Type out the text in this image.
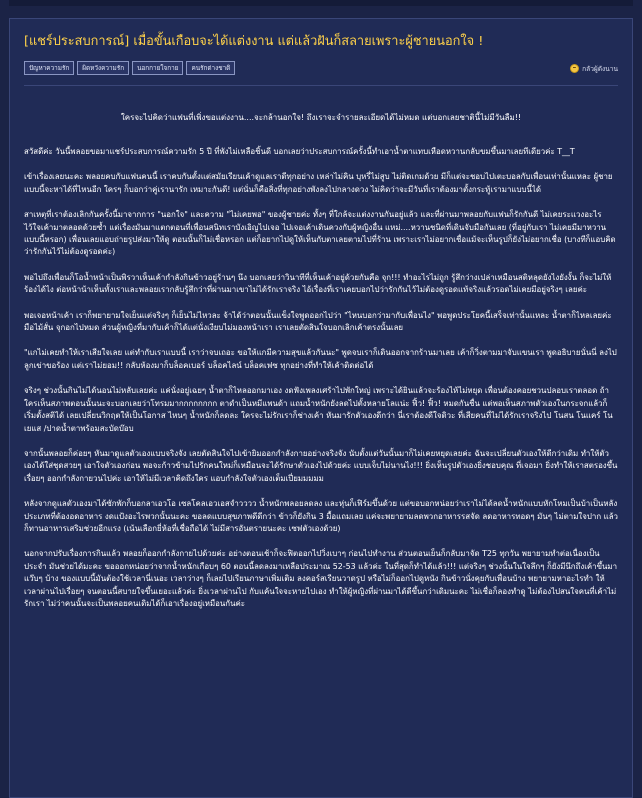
[แชร์ประสบการณ์] เมื่อขั้นเกือบจะได้แต่งงาน แต่แล้วฝันก็สลายเพราะผู้ชายนอกใจ !
ปัญหาความรัก	ผิดหวังความรัก	นอกกายใจกาย	คนรักต่างชาติ	กลัวผู้ดังนาน
ใครจะไปคิดว่าแฟนที่เพิ่งขอแต่งงาน....จะกล้านอกใจ! ถึงเราจะจำรายละเอียดได้ไม่หมด แต่บอกเลยชาตินี้ไม่มีวันลืม!!

สวัสดีค่ะ วันนี้พลอยขอมาแชร์ประสบการณ์ความรัก 5 ปี ที่พังไม่เหลือชิ้นดี บอกเลยว่าประสบการณ์ครั้งนี้ทำเอาน้ำตาแทบเหือดหวานกลับขมขึ้นมาเลยทีเดียวค่ะ T__T

เข้าเรื่องเลยนะคะ พลอยคบกับแฟนคนนี้ เราคบกันตั้งแต่สมัยเรียนเค้าดูแลเราดีทุกอย่าง เหล่าไม่คิน บุหรี่ไม่สูบ ไม่ติดเกมด้วย มีก็แต่จะชอบไปเตะบอลกับเพื่อนเท่านั้นแหละ ผู้ชายแบบนี้จะหาได้ที่ไหนอีก ใครๆ ก็บอกว่าคู่เรานารัก เหมาะกันดี! แต่นั่นก็คือสิ่งที่ทุกอย่างพังลงไปกลางดวง ไม่คิดว่าจะมีวันที่เราต้องมาตั้งกระทู้เรามาแบบนี้ได้

สาเหตุที่เราต้องเลิกกันครั้งนี้มาจากการ "นอกใจ" และความ "ไม่เคยพอ" ของผู้ชายค่ะ ทั้งๆ ที่ใกล้จะแต่งงานกันอยู่แล้ว และที่ผ่านมาพลอยกับแฟนก็รักกันดี ไม่เคยระแวงอะไร ไว้ใจเค้ามาตลอดด้วยซ้ำ แต่เรื่องมันมาแตกตอนที่เพื่อนสนิทเราบังเอิญไปเจอ ไปเจอเค้าเดินควงกับผู้หญิงอื่น แหม่....หวานชนิดที่เดินจับมือกันเลย (ที่อยู่กับเรา ไม่เคยมีมาหวานแบบนี้หรอก) เพื่อนเลยแอบถ่ายรูปส่งมาให้ดู ตอนนั้นก็ไม่เชื่อหรอก แต่ก็อยากไปดูให้เห็นกับตาเลยตามไปที่ร้าน เพราะเราไม่อยากเชื่อแม้จะเห็นรูปก็ยังไม่อยากเชื่อ (บางทีก็แอบคิดว่ารักกันไว้ไม่ต้องดูรอดค่ะ)

พอไปถึงเพื่อนก็โอน้ำหน้าเป็นพิรวาเห็นเค้ากำลังกินข้าวอยู่ร้านๆ นึง บอกเลยว่าวินาทีที่เห็นเค้าอยู่ด้วยกันคือ จุก!!! ทำอะไรไม่ถูก รู้สึกว่างเปล่าเหมือนสติหลุดยังไงยังงั้น ก็จะไม่ให้ร้องได้ไง ต่อหน้าน้าเห็นทั้งเราและพลอยเรากลับรู้สึกว่าที่ผ่านมาเขาไม่ได้รักเราจริง ไอ้เรื่องที่เราเคยบอกไปว่ารักกันไว้ไม่ต้องดูรอดแท้จริงแล้วรอดไม่เคยมีอยู่จริงๆ เลยค่ะ

พอเจอหน้าเค้า เราก็พยายามใจเย็นแต่จริงๆ ก็เย็นไม่ไหวละ จ้าได้ว่าตอนนั้นแข็งใจพูดออกไปว่า "ไหนบอกว่ามากับเพื่อนไง" พอพูดประโยคนี้เสร็จเท่านั้นแหละ น้ำตาก็ไหลเลยค่ะ มือไม้สั่น จุกอกไปหมด ส่วนผู้หญิงที่มากับเค้าก็ได้แต่นั่งเงียบไม่มองหน้าเรา เราเลยตัดสินใจบอกเลิกเค้าตรงนั้นเลย

"แกไม่เคยทำให้เราเสียใจเลย แต่ทำกับเราแบบนี้ เราว่าจบเถอะ ขอให้แกมีความสุขแล้วกันนะ" พูดจบเราก็เดินออกจากร้านมาเลย เค้าก็วิ่งตามมาจับแขนเรา พูดอธิบายนั่นนี่ ลงไปลูกเข่าขอร้อง แต่เราไม่ยอม!! กลับห้องมาก็บล็อคเบอร์ บล็อคไลน์ บล็อคเฟซ ทุกอย่างที่ทำให้เค้าติดต่อได้

จริงๆ ช่วงนั้นกินไม่ได้นอนไม่หลับเลยค่ะ แค่นั่งอยู่เฉยๆ น้ำตาก็ไหลออกมาเอง งดฟังเพลงเศร้าไปพักใหญ่ เพราะได้ยินแล้วจะร้องไห้ไม่หยุด เพื่อนต้องคอยชวนปลอบเราตลอด ถ้าใครเห็นสภาพตอนนั้นนะจะบอกเลยว่าโทรมมากกกกกกกก ตาดำเป็นหมีแพนด้า แถมน้ำหนักยังลดไปตั้งหลายโลแน่ะ ฟิ้ว! ฟิ้ว! หมดกันชื่น แต่พอเห็นสภาพตัวเองในกระจกแล้วก็เริ่มตั้งสติได้ เลยเปลี่ยนวิกฤตให้เป็นโอกาส ไหนๆ น้ำหนักก็ลดละ ใครจะไม่รักเราก็ช่างเค้า หันมารักตัวเองดีกว่า นี่เราต้องดีใจดิวะ ที่เสียคนที่ไม่ได้รักเราจริงไป โนสน โนแคร์ โนเยแส /ปาดน้ำตาพร้อมสะบัดบ๊อบ

จากนั้นพลอยก็ค่อยๆ หันมาดูแลตัวเองแบบจริงจัง เลยตัดสินใจไปเข้ายิมออกกำลังกายอย่างจริงจัง นับตั้งแต่วันนั้นมาก็ไม่เคยหยุดเลยค่ะ ฉันจะเปลี่ยนตัวเองให้ดีกว่าเดิม ทำให้ตัวเองได้ใส่ชุดสวยๆ เอาใจตัวเองก่อน พอจะก้าวข้ามไปรักคนใหม่ก็เหมือนจะได้รักษาตัวเองไปด้วยค่ะ แบบเจ็บไม่นานไง!!! ยิ่งเห็นรูปตัวเองยิ่งชอบคุณ ที่เจอมา ยิ่งทำให้เราสตรองขึ้นเรื่อยๆ ออกกำลังกายวนไปค่ะ เอาให้ไม่มีเวลาคิดถึงใคร แอบกำลังใจตัวเองเต็มเปี่ยมมมมม

หลังจากดูแลตัวเองมาได้ซักพักก็บอกลาเอวโอ เซลโคลเอวเอสจำวววว น้ำหนักพลอยลดลง และหุ่นก็เฟิร์มขึ้นด้วย แต่ขอบอกหน่อยว่าเราไม่ได้ลดน้ำหนักแบบหักโหมเป็นบ้าเป็นหลัง ประเภทที่ต้องอดอาหาร งดแป้งอะไรพวกนั้นนะคะ ขอลดแบบสุขภาพดีดีกว่า ข้าวก็ยังกิน 3 มื้อแถมเลย แค่จะพยายามลดพวกอาหารรสจัด ลดอาหารทอดๆ มันๆ ไม่ตามใจปาก แล้วก็ทานอาหารเสริมช่วยอีกแรง (เน้นเลือกยี่ห้อที่เชื่อถือได้ ไม่มีสารอันตรายนะคะ เซฟตัวเองด้วย)

นอกจากปรับเรื่องการกินแล้ว พลอยก็ออกกำลังกายไปด้วยค่ะ อย่างตอนเช้าก็จะฟิตออกไปวิ่งเบาๆ ก่อนไปทำงาน ส่วนตอนเย็นก็กลับมาจัด T25 ทุกวัน พยายามทำต่อเนื่องเป็นประจำ มันช่วยได้มะคะ ขอออกหน่อยว่าจากน้ำหนักเกือบๆ 60 ตอนนี้ลดลงมาเหลือประมาณ 52-53 แล้วค่ะ ในที่สุดก็ทำได้แล้ว!!! แต่จริงๆ ช่วงนั้นในใจลึกๆ ก็ยังมีนึกถึงเค้าขึ้นมาแว๊บๆ บ้าง ของแบบนี้มันต้องใช้เวลานี่เนอะ เวลาว่างๆ ก็เลยไปเรียนภาษาเพิ่มเติม ลงคอร์สเรียนวาดรูป หรือไม่ก็ออกไปดูหนัง กินข้าวนั่งคุยกับเพื่อนบ้าง พยายามหาอะไรทำ ให้เวลาผ่านไปเรื่อยๆ จนตอนนี้สบายใจขึ้นเยอะแล้วค่ะ ยิ่งเวลาผ่านไป กับแค้นใจจะหายไปเอง ทำให้ผู้หญิงที่ผ่านมาได้ดีขึ้นกว่าเดิมนะคะ ไม่เชื่อก็ลองทำดู ไม่ต้องไปสนใจคนที่เค้าไม่รักเรา ไม่ว่าคนนั้นจะเป็นพลอยคนเดิมได้ก็เอาเรื่องอยู่เหมือนกันค่ะ
